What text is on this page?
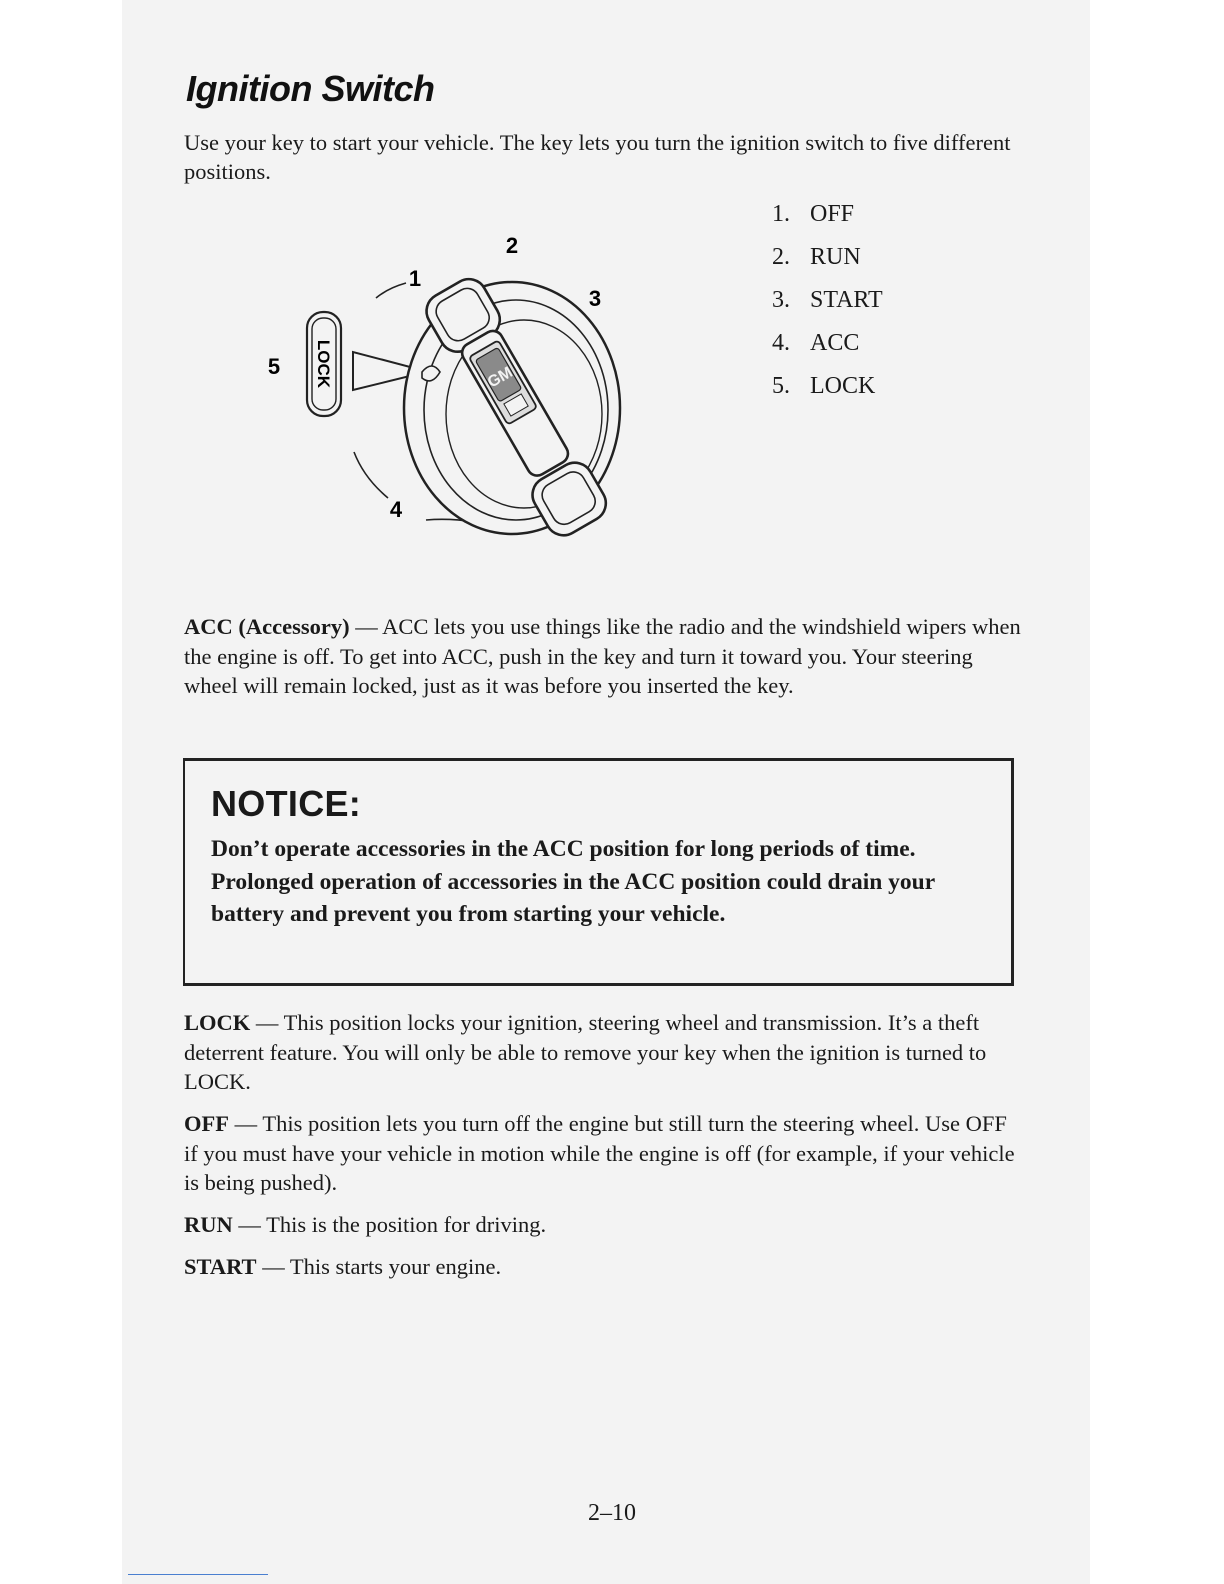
Ignition Switch
Use your key to start your vehicle. The key lets you turn the ignition switch to five different positions.
2
1
3
5
4
LOCK	GM
1. OFF
2. RUN
3. START
4. ACC
5. LOCK
ACC (Accessory) — ACC lets you use things like the radio and the windshield wipers when the engine is off. To get into ACC, push in the key and turn it toward you. Your steering wheel will remain locked, just as it was before you inserted the key.
NOTICE:
Don’t operate accessories in the ACC position for long periods of time. Prolonged operation of accessories in the ACC position could drain your battery and prevent you from starting your vehicle.
LOCK — This position locks your ignition, steering wheel and transmission. It’s a theft deterrent feature. You will only be able to remove your key when the ignition is turned to LOCK.
OFF — This position lets you turn off the engine but still turn the steering wheel. Use OFF if you must have your vehicle in motion while the engine is off (for example, if your vehicle is being pushed).
RUN — This is the position for driving.
START — This starts your engine.
2–10
